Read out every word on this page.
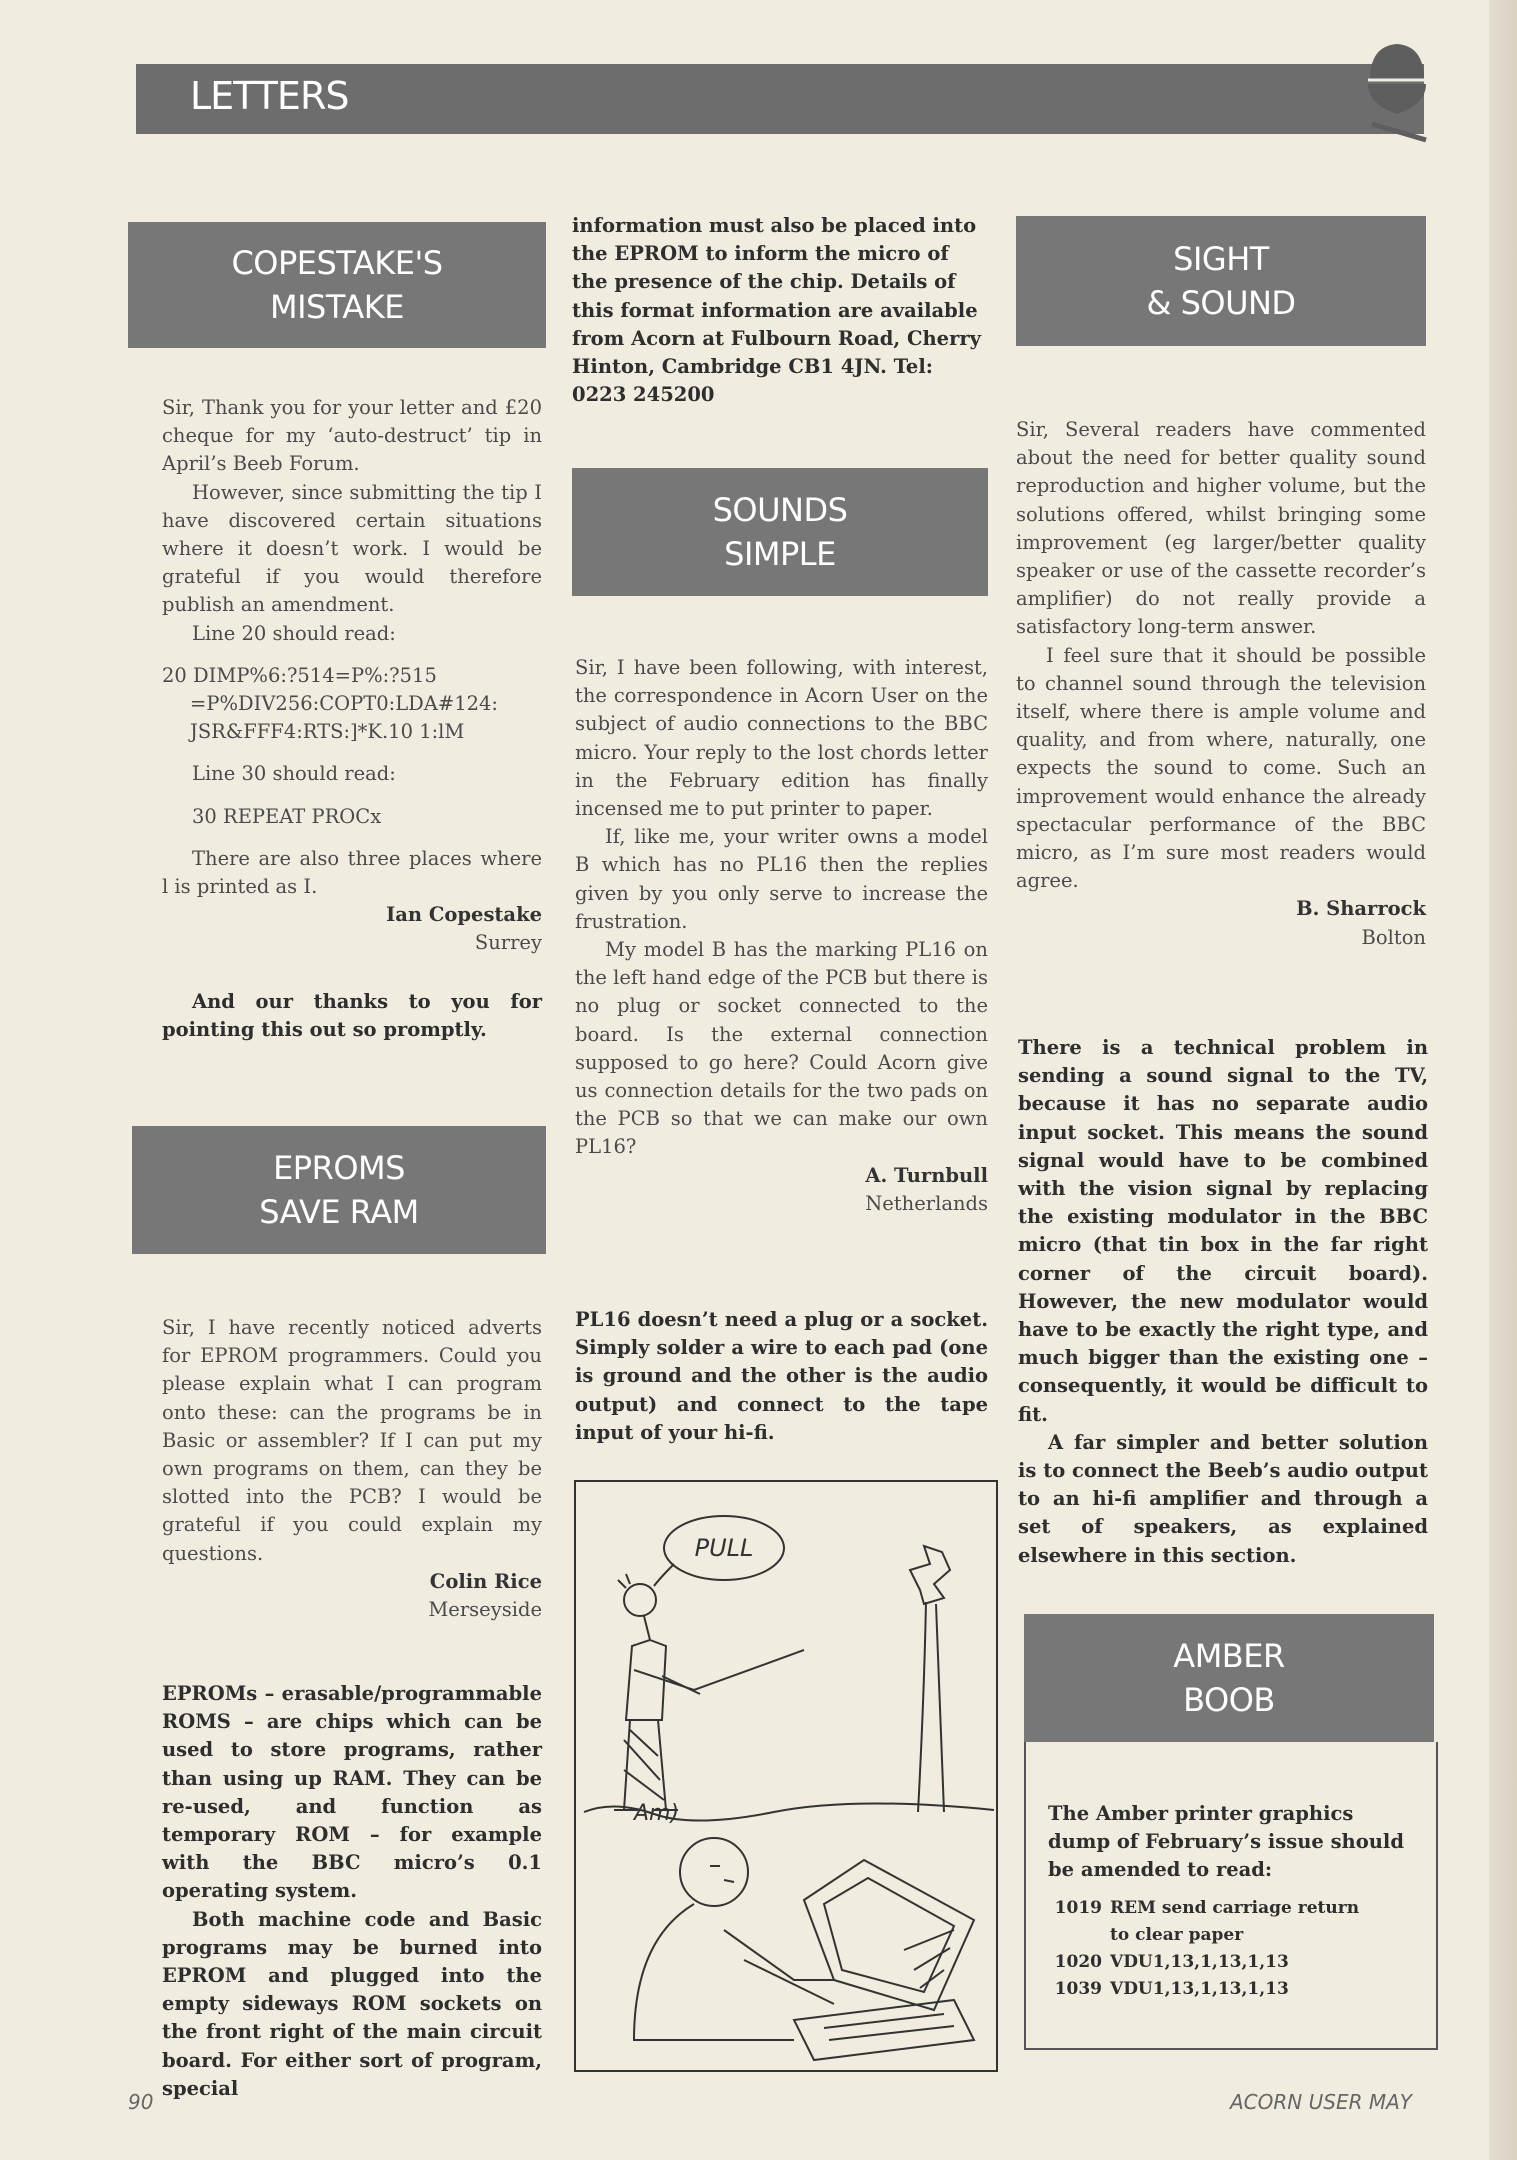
LETTERS
COPESTAKE'S
MISTAKE

Sir, Thank you for your letter and £20 cheque for my ‘auto-destruct’ tip in April’s Beeb Forum.

However, since submitting the tip I have discovered certain situations where it doesn’t work. I would be grateful if you would therefore publish an amendment.

Line 20 should read:

20 DIMP%6:?514=P%:?515
=P%DIV256:COPT0:LDA#124:
JSR&FFF4:RTS:]*K.10 1:lM

Line 30 should read:

30 REPEAT PROCx

There are also three places where l is printed as I.

Ian Copestake

Surrey

And our thanks to you for pointing this out so promptly.

EPROMS
SAVE RAM

Sir, I have recently noticed adverts for EPROM programmers. Could you please explain what I can program onto these: can the programs be in Basic or assembler? If I can put my own programs on them, can they be slotted into the PCB? I would be grateful if you could explain my questions.

Colin Rice

Merseyside

EPROMs – erasable/programmable ROMS – are chips which can be used to store programs, rather than using up RAM. They can be re-used, and function as temporary ROM – for example with the BBC micro’s 0.1 operating system.

Both machine code and Basic programs may be burned into EPROM and plugged into the empty sideways ROM sockets on the front right of the main circuit board. For either sort of program, special

information must also be placed into the EPROM to inform the micro of the presence of the chip. Details of this format information are available from Acorn at Fulbourn Road, Cherry Hinton, Cambridge CB1 4JN. Tel: 0223 245200

SOUNDS
SIMPLE

Sir, I have been following, with interest, the correspondence in Acorn User on the subject of audio connections to the BBC micro. Your reply to the lost chords letter in the February edition has finally incensed me to put printer to paper.

If, like me, your writer owns a model B which has no PL16 then the replies given by you only serve to increase the frustration.

My model B has the marking PL16 on the left hand edge of the PCB but there is no plug or socket connected to the board. Is the external connection supposed to go here? Could Acorn give us connection details for the two pads on the PCB so that we can make our own PL16?

A. Turnbull

Netherlands

PL16 doesn’t need a plug or a socket. Simply solder a wire to each pad (one is ground and the other is the audio output) and connect to the tape input of your hi-fi.

PULL
Am)
SIGHT
& SOUND

Sir, Several readers have commented about the need for better quality sound reproduction and higher volume, but the solutions offered, whilst bringing some improvement (eg larger/better quality speaker or use of the cassette recorder’s amplifier) do not really provide a satisfactory long-term answer.

I feel sure that it should be possible to channel sound through the television itself, where there is ample volume and quality, and from where, naturally, one expects the sound to come. Such an improvement would enhance the already spectacular performance of the BBC micro, as I’m sure most readers would agree.

B. Sharrock

Bolton

There is a technical problem in sending a sound signal to the TV, because it has no separate audio input socket. This means the sound signal would have to be combined with the vision signal by replacing the existing modulator in the BBC micro (that tin box in the far right corner of the circuit board). However, the new modulator would have to be exactly the right type, and much bigger than the existing one – consequently, it would be difficult to fit.

A far simpler and better solution is to connect the Beeb’s audio output to an hi-fi amplifier and through a set of speakers, as explained elsewhere in this section.

AMBER
BOOB

The Amber printer graphics dump of February’s issue should be amended to read:

1019 REM send carriage return
to clear paper
1020 VDU1,13,1,13,1,13
1039 VDU1,13,1,13,1,13
90	ACORN USER MAY
